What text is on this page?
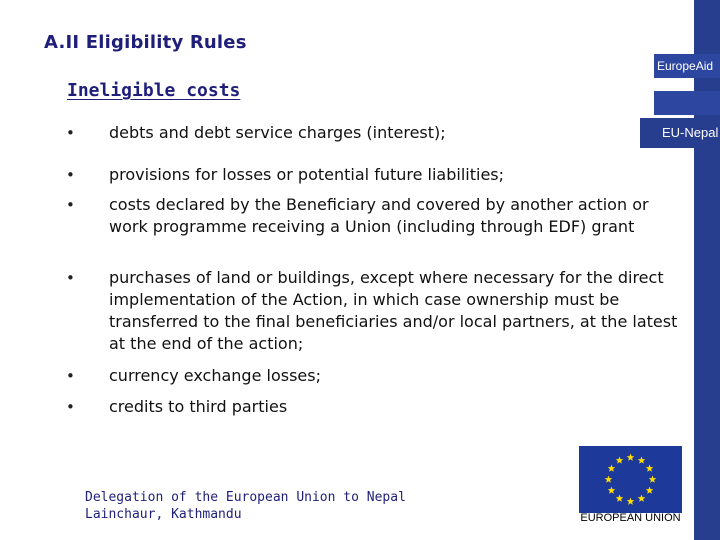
EuropeAid
EU-Nepal
A.II Eligibility Rules
Ineligible costs
• debts and debt service charges (interest);
• provisions for losses or potential future liabilities;
• costs declared by the Beneficiary and covered by another action or work programme receiving a Union (including through EDF) grant
• purchases of land or buildings, except where necessary for the direct implementation of the Action, in which case ownership must be transferred to the final beneficiaries and/or local partners, at the latest at the end of the action;
• currency exchange losses;
• credits to third parties
Delegation of the European Union to Nepal
Lainchaur, Kathmandu	EUROPEAN UNION
